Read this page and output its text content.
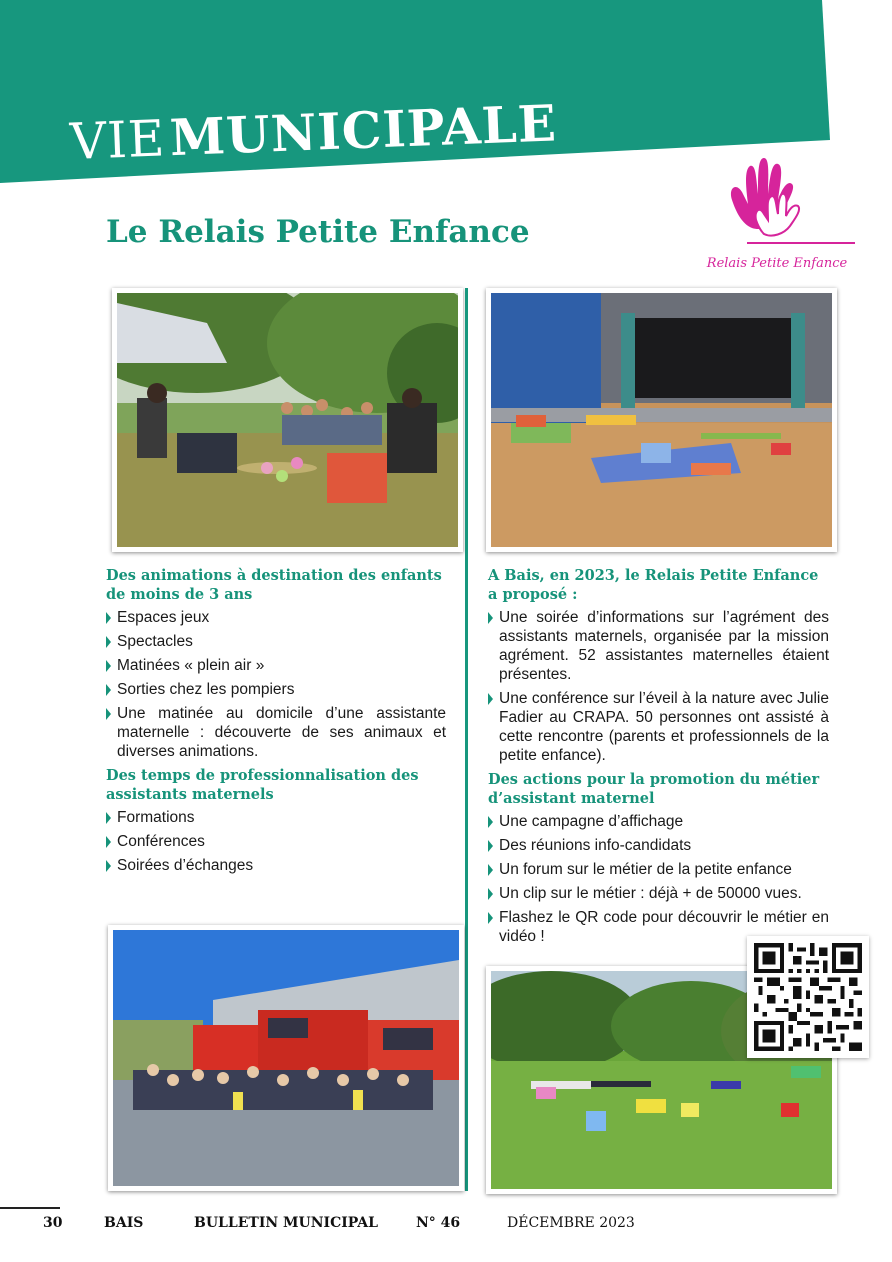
VIE MUNICIPALE
Le Relais Petite Enfance
Relais Petite Enfance
Des animations à destination des enfants de moins de 3 ans
Espaces jeux
Spectacles
Matinées « plein air »
Sorties chez les pompiers
Une matinée au domicile d’une assistante maternelle : découverte de ses animaux et diverses animations.
Des temps de professionnalisation des assistants maternels
Formations
Conférences
Soirées d’échanges
A Bais, en 2023, le Relais Petite Enfance a proposé :
Une soirée d’informations sur l’agrément des assistants maternels, organisée par la mission agrément. 52 assistantes maternelles étaient présentes.
Une conférence sur l’éveil à la nature avec Julie Fadier au CRAPA. 50 personnes ont assisté à cette rencontre (parents et professionnels de la petite enfance).
Des actions pour la promotion du métier d’assistant maternel
Une campagne d’affichage
Des réunions info-candidats
Un forum sur le métier de la petite enfance
Un clip sur le métier : déjà + de 50000 vues.
Flashez le QR code pour découvrir le métier en vidéo !
30	BAIS	BULLETIN MUNICIPAL	N° 46	DÉCEMBRE 2023
